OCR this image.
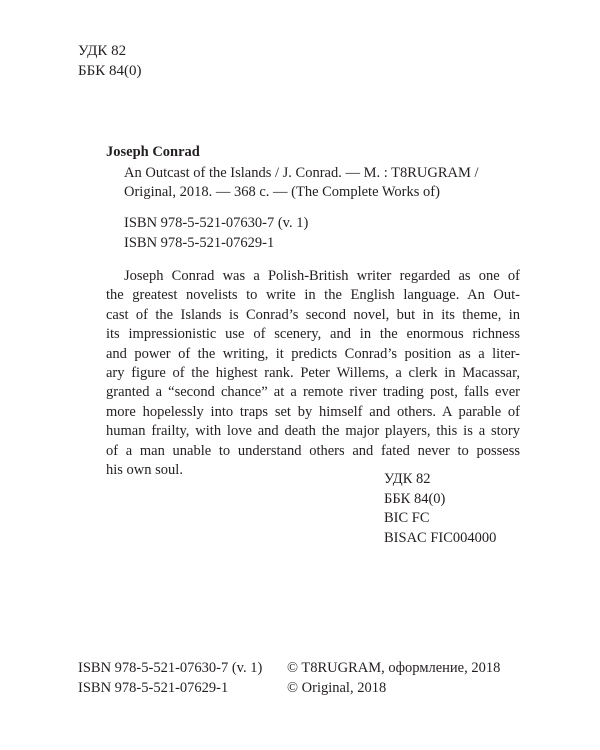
УДК 82
ББК 84(0)
Joseph Conrad
An Outcast of the Islands / J. Conrad. — M. : T8RUGRAM /
Original, 2018. — 368 c. — (The Complete Works of)
ISBN 978-5-521-07630-7 (v. 1)
ISBN 978-5-521-07629-1
Joseph Conrad was a Polish-British writer regarded as one of
the greatest novelists to write in the English language. An Out-
cast of the Islands is Conrad’s second novel, but in its theme, in
its impressionistic use of scenery, and in the enormous richness
and power of the writing, it predicts Conrad’s position as a liter-
ary figure of the highest rank. Peter Willems, a clerk in Macassar,
granted a “second chance” at a remote river trading post, falls ever
more hopelessly into traps set by himself and others. A parable of
human frailty, with love and death the major players, this is a story
of a man unable to understand others and fated never to possess
his own soul.
УДК 82
ББК 84(0)
BIC FC
BISAC FIC004000
ISBN 978-5-521-07630-7 (v. 1)
ISBN 978-5-521-07629-1
© T8RUGRAM, оформление, 2018
© Original, 2018
